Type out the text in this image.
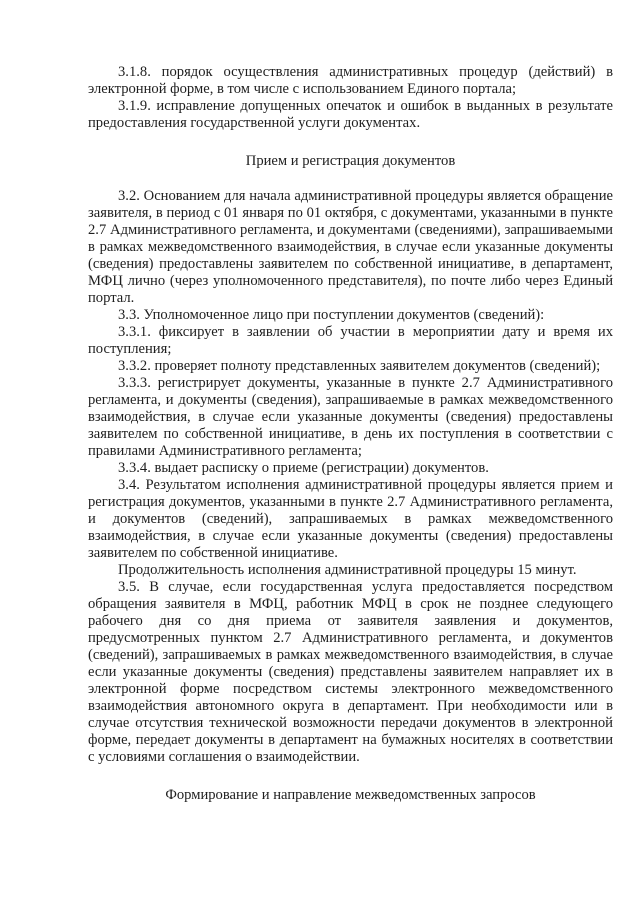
3.1.8. порядок осуществления административных процедур (действий) в электронной форме, в том числе с использованием Единого портала;

3.1.9. исправление допущенных опечаток и ошибок в выданных в результате предоставления государственной услуги документах.

Прием и регистрация документов

3.2. Основанием для начала административной процедуры является обращение заявителя, в период с 01 января по 01 октября, с документами, указанными в пункте 2.7 Административного регламента, и документами (сведениями), запрашиваемыми в рамках межведомственного взаимодействия, в случае если указанные документы (сведения) предоставлены заявителем по собственной инициативе, в департамент, МФЦ лично (через уполномоченного представителя), по почте либо через Единый портал.

3.3. Уполномоченное лицо при поступлении документов (сведений):

3.3.1. фиксирует в заявлении об участии в мероприятии дату и время их поступления;

3.3.2. проверяет полноту представленных заявителем документов (сведений);

3.3.3. регистрирует документы, указанные в пункте 2.7 Административного регламента, и документы (сведения), запрашиваемые в рамках межведомственного взаимодействия, в случае если указанные документы (сведения) предоставлены заявителем по собственной инициативе, в день их поступления в соответствии с правилами Административного регламента;

3.3.4. выдает расписку о приеме (регистрации) документов.

3.4. Результатом исполнения административной процедуры является прием и регистрация документов, указанными в пункте 2.7 Административного регламента, и документов (сведений), запрашиваемых в рамках межведомственного взаимодействия, в случае если указанные документы (сведения) предоставлены заявителем по собственной инициативе.

Продолжительность исполнения административной процедуры 15 минут.

3.5. В случае, если государственная услуга предоставляется посредством обращения заявителя в МФЦ, работник МФЦ в срок не позднее следующего рабочего дня со дня приема от заявителя заявления и документов, предусмотренных пунктом 2.7 Административного регламента, и документов (сведений), запрашиваемых в рамках межведомственного взаимодействия, в случае если указанные документы (сведения) представлены заявителем направляет их в электронной форме посредством системы электронного межведомственного взаимодействия автономного округа в департамент. При необходимости или в случае отсутствия технической возможности передачи документов в электронной форме, передает документы в департамент на бумажных носителях в соответствии с условиями соглашения о взаимодействии.

Формирование и направление межведомственных запросов
